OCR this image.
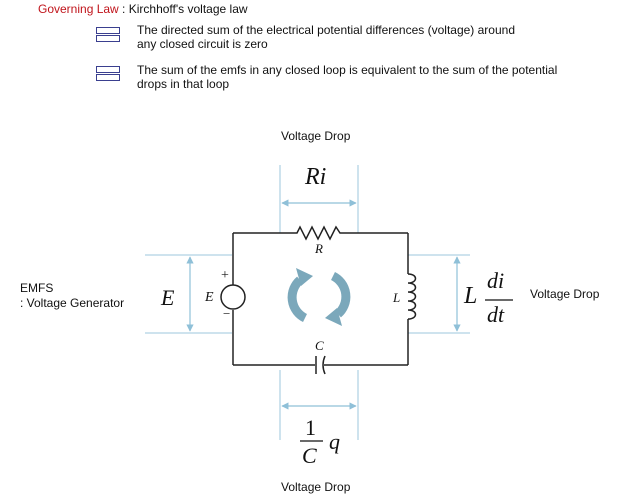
Governing Law : Kirchhoff's voltage law
The directed sum of the electrical potential differences (voltage) around
any closed circuit is zero
The sum of the emfs in any closed loop is equivalent to the sum of the potential
drops in that loop
Voltage Drop
Ri
R
EMFS
: Voltage Generator E E
+
−
L	L
di
dt
Voltage Drop
C
1
C
q
Voltage Drop
